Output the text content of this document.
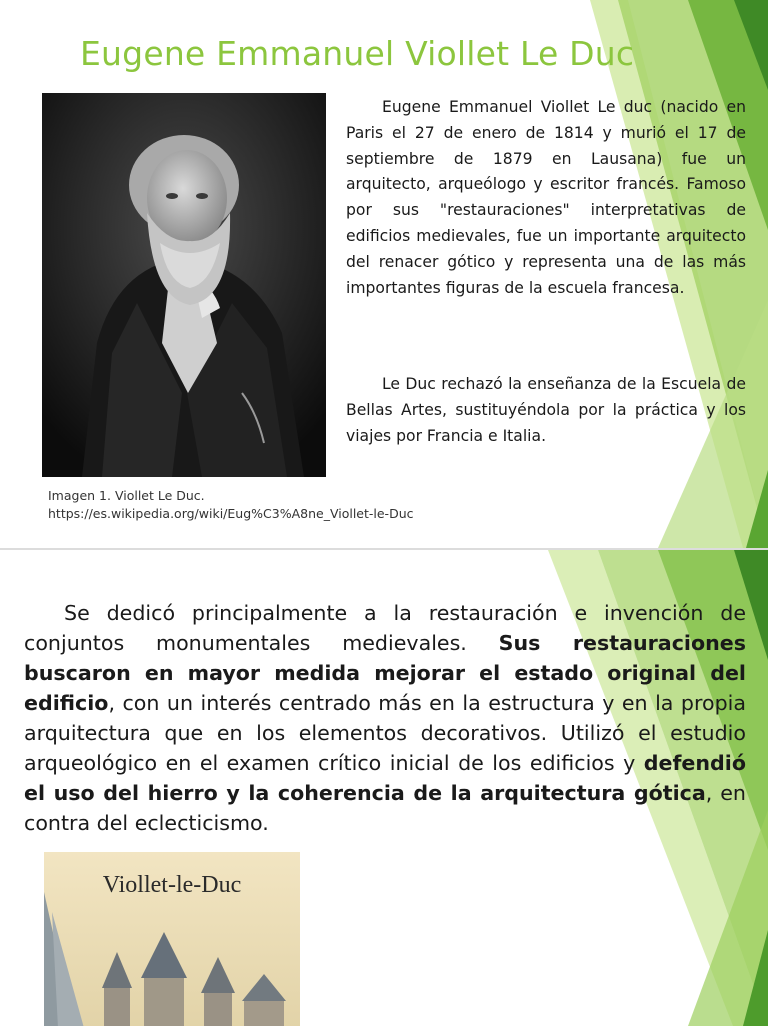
Eugene Emmanuel Viollet Le Duc

Eugene Emmanuel Viollet Le duc (nacido en Paris el 27 de enero de 1814 y murió el 17 de septiembre de 1879 en Lausana) fue un arquitecto, arqueólogo y escritor francés. Famoso por sus "restauraciones" interpretativas de edificios medievales, fue un importante arquitecto del renacer gótico y representa una de las más importantes figuras de la escuela francesa.

Le Duc rechazó la enseñanza de la Escuela de Bellas Artes, sustituyéndola por la práctica y los viajes por Francia e Italia.

Imagen 1. Viollet Le Duc.
https://es.wikipedia.org/wiki/Eug%C3%A8ne_Viollet-le-Duc

Se dedicó principalmente a la restauración e invención de conjuntos monumentales medievales. Sus restauraciones buscaron en mayor medida mejorar el estado original del edificio, con un interés centrado más en la estructura y en la propia arquitectura que en los elementos decorativos. Utilizó el estudio arqueológico en el examen crítico inicial de los edificios y defendió el uso del hierro y la coherencia de la arquitectura gótica, en contra del eclecticismo.

Viollet-le-Duc
